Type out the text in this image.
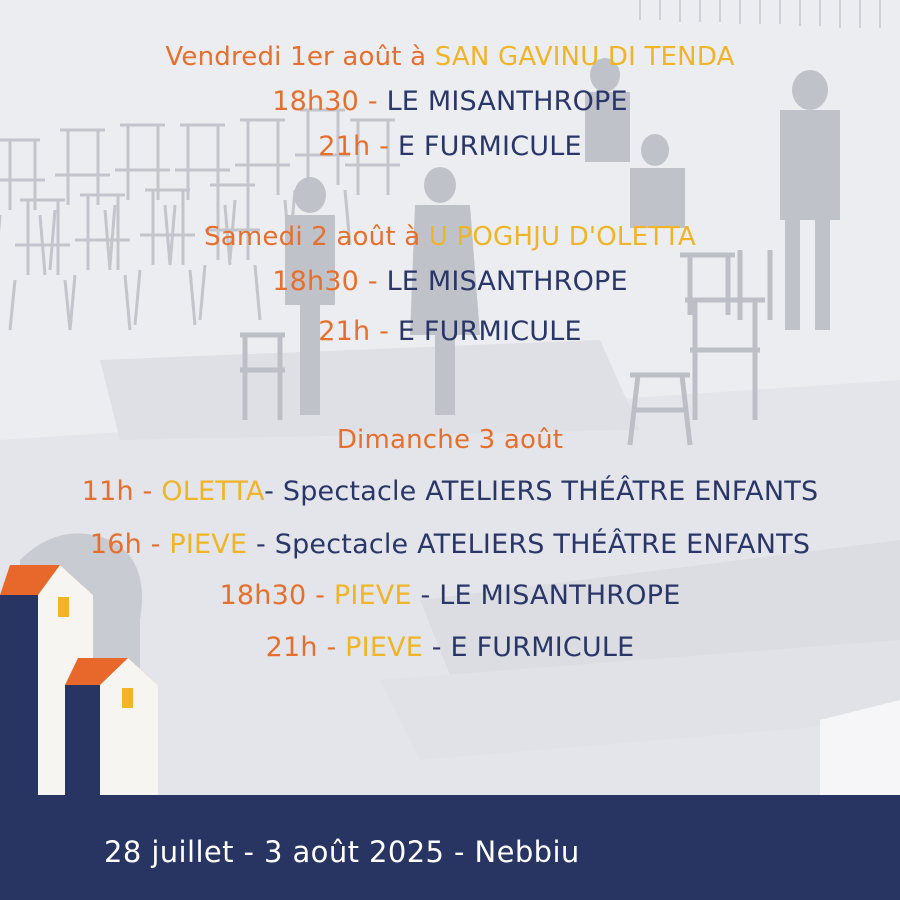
Vendredi 1er août à SAN GAVINU DI TENDA
18h30 - LE MISANTHROPE
21h - E FURMICULE
Samedi 2 août à U POGHJU D'OLETTA
18h30 - LE MISANTHROPE
21h - E FURMICULE
Dimanche 3 août
11h - OLETTA- Spectacle ATELIERS THÉÂTRE ENFANTS
16h - PIEVE - Spectacle ATELIERS THÉÂTRE ENFANTS
18h30 - PIEVE - LE MISANTHROPE
21h - PIEVE - E FURMICULE
28 juillet - 3 août 2025 - Nebbiu
